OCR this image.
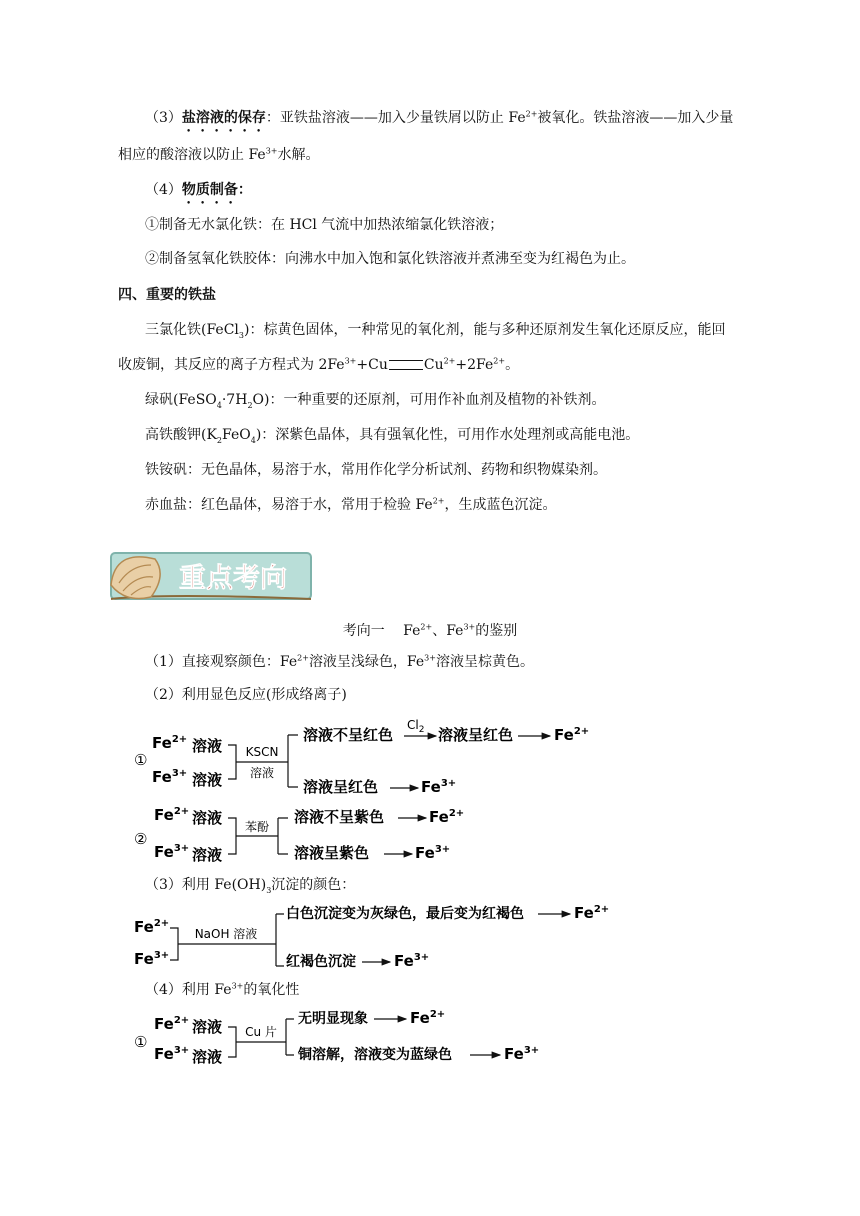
（3）盐溶液的保存：亚铁盐溶液——加入少量铁屑以防止 $Fe^{2+}$被氧化。铁盐溶液——加入少量
相应的酸溶液以防止 $Fe^{3+}$水解。
（4）物质制备：
①制备无水氯化铁：在 HCl 气流中加热浓缩氯化铁溶液；
②制备氢氧化铁胶体：向沸水中加入饱和氯化铁溶液并煮沸至变为红褐色为止。
四、重要的铁盐
三氯化铁(FeCl$_3$)：棕黄色固体，一种常见的氧化剂，能与多种还原剂发生氧化还原反应，能回
收废铜，其反应的离子方程式为 $2Fe^{3+}+Cu$	$Cu^{2+}+2Fe^{2+}$。
绿矾$(FeSO_4\cdot 7H_2O)$：一种重要的还原剂，可用作补血剂及植物的补铁剂。
高铁酸钾$(K_2FeO_4)$：深紫色晶体，具有强氧化性，可用作水处理剂或高能电池。
铁铵矾：无色晶体，易溶于水，常用作化学分析试剂、药物和织物媒染剂。
赤血盐：红色晶体，易溶于水，常用于检验 $Fe^{2+}$，生成蓝色沉淀。
重点考向
考向一　 $Fe^{2+}$、$Fe^{3+}$的鉴别
（1）直接观察颜色：$Fe^{2+}$溶液呈浅绿色，$Fe^{3+}$溶液呈棕黄色。
（2）利用显色反应(形成络离子)
①
$Fe^{2+}$ 溶液
$Fe^{3+}$ 溶液
KSCN
溶液
溶液不呈红色
$Cl_2$ 溶液呈红色	$Fe^{2+}$
溶液呈红色	$Fe^{3+}$
②
$Fe^{2+}$ 溶液
$Fe^{3+}$ 溶液
苯酚
溶液不呈紫色	$Fe^{2+}$
溶液呈紫色	$Fe^{3+}$
（3）利用 $Fe(OH)_3$沉淀的颜色：
$Fe^{2+}$
$Fe^{3+}$
NaOH 溶液
白色沉淀变为灰绿色，最后变为红褐色	$Fe^{2+}$
红褐色沉淀	$Fe^{3+}$
（4）利用 $Fe^{3+}$的氧化性
①
$Fe^{2+}$ 溶液
$Fe^{3+}$ 溶液
Cu 片
无明显现象	$Fe^{2+}$
铜溶解，溶液变为蓝绿色	$Fe^{3+}$
